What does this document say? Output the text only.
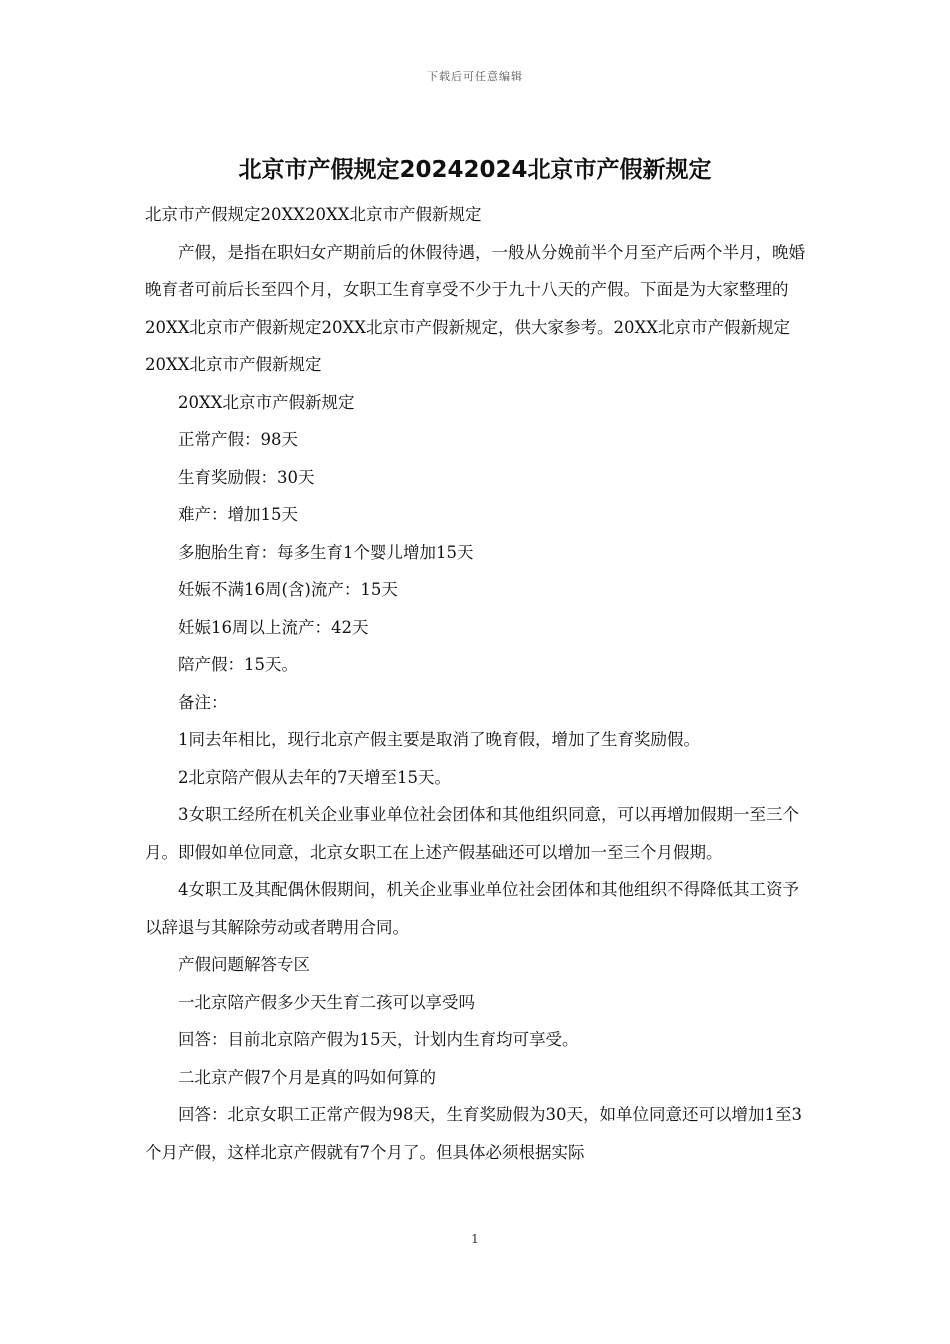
下载后可任意编辑
北京市产假规定20242024北京市产假新规定

北京市产假规定20XX20XX北京市产假新规定

产假，是指在职妇女产期前后的休假待遇，一般从分娩前半个月至产后两个半月，晚婚晚育者可前后长至四个月，女职工生育享受不少于九十八天的产假。下面是为大家整理的20XX北京市产假新规定20XX北京市产假新规定，供大家参考。20XX北京市产假新规定20XX北京市产假新规定

20XX北京市产假新规定

正常产假：98天

生育奖励假：30天

难产：增加15天

多胞胎生育：每多生育1个婴儿增加15天

妊娠不满16周(含)流产：15天

妊娠16周以上流产：42天

陪产假：15天。

备注：

1同去年相比，现行北京产假主要是取消了晚育假，增加了生育奖励假。

2北京陪产假从去年的7天增至15天。

3女职工经所在机关企业事业单位社会团体和其他组织同意，可以再增加假期一至三个月。即假如单位同意，北京女职工在上述产假基础还可以增加一至三个月假期。

4女职工及其配偶休假期间，机关企业事业单位社会团体和其他组织不得降低其工资予以辞退与其解除劳动或者聘用合同。

产假问题解答专区

一北京陪产假多少天生育二孩可以享受吗

回答：目前北京陪产假为15天，计划内生育均可享受。

二北京产假7个月是真的吗如何算的

回答：北京女职工正常产假为98天，生育奖励假为30天，如单位同意还可以增加1至3个月产假，这样北京产假就有7个月了。但具体必须根据实际

1
